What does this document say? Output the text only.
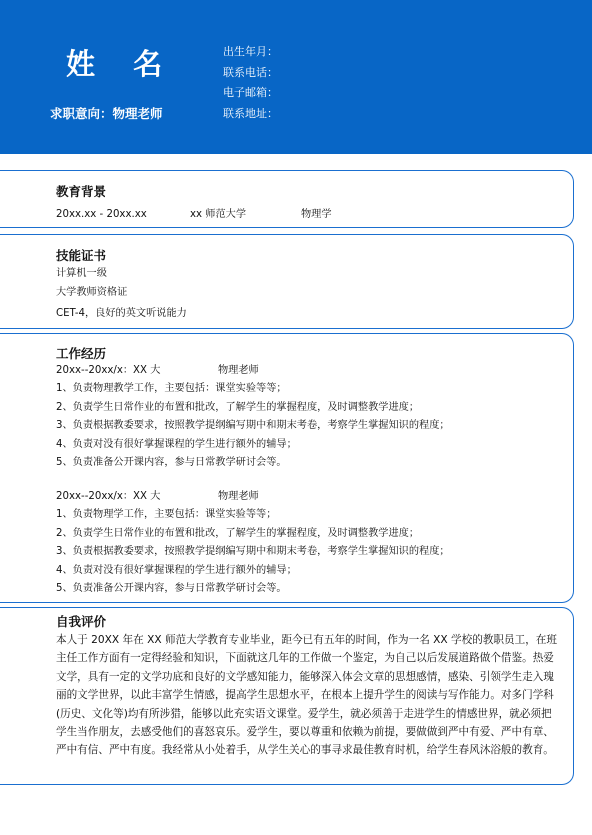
姓 名
求职意向：物理老师
出生年月：
联系电话：
电子邮箱：
联系地址：
教育背景
20xx.xx - 20xx.xx	xx 师范大学	物理学
技能证书
计算机一级
大学教师资格证
CET-4，良好的英文听说能力
工作经历
20xx--20xx/x：XX 大	物理老师
1、负责物理教学工作，主要包括：课堂实验等等；
2、负责学生日常作业的布置和批改，了解学生的掌握程度，及时调整教学进度；
3、负责根据教委要求，按照教学提纲编写期中和期末考卷，考察学生掌握知识的程度；
4、负责对没有很好掌握课程的学生进行额外的辅导；
5、负责准备公开课内容，参与日常教学研讨会等。
20xx--20xx/x：XX 大	物理老师
1、负责物理学工作，主要包括：课堂实验等等；
2、负责学生日常作业的布置和批改，了解学生的掌握程度，及时调整教学进度；
3、负责根据教委要求，按照教学提纲编写期中和期末考卷，考察学生掌握知识的程度；
4、负责对没有很好掌握课程的学生进行额外的辅导；
5、负责准备公开课内容，参与日常教学研讨会等。
自我评价

本人于 20XX 年在 XX 师范大学教育专业毕业，距今已有五年的时间，作为一名 XX 学校的教职员工，在班主任工作方面有一定得经验和知识，下面就这几年的工作做一个鉴定，为自己以后发展道路做个借鉴。热爱文学，具有一定的文学功底和良好的文学感知能力，能够深入体会文章的思想感情，感染、引领学生走入瑰丽的文学世界，以此丰富学生情感，提高学生思想水平，在根本上提升学生的阅读与写作能力。对多门学科(历史、文化等)均有所涉猎，能够以此充实语文课堂。爱学生，就必须善于走进学生的情感世界，就必须把学生当作朋友，去感受他们的喜怒哀乐。爱学生，要以尊重和依赖为前提，要做做到严中有爱、严中有章、严中有信、严中有度。我经常从小处着手，从学生关心的事寻求最佳教育时机，给学生春风沐浴般的教育。
